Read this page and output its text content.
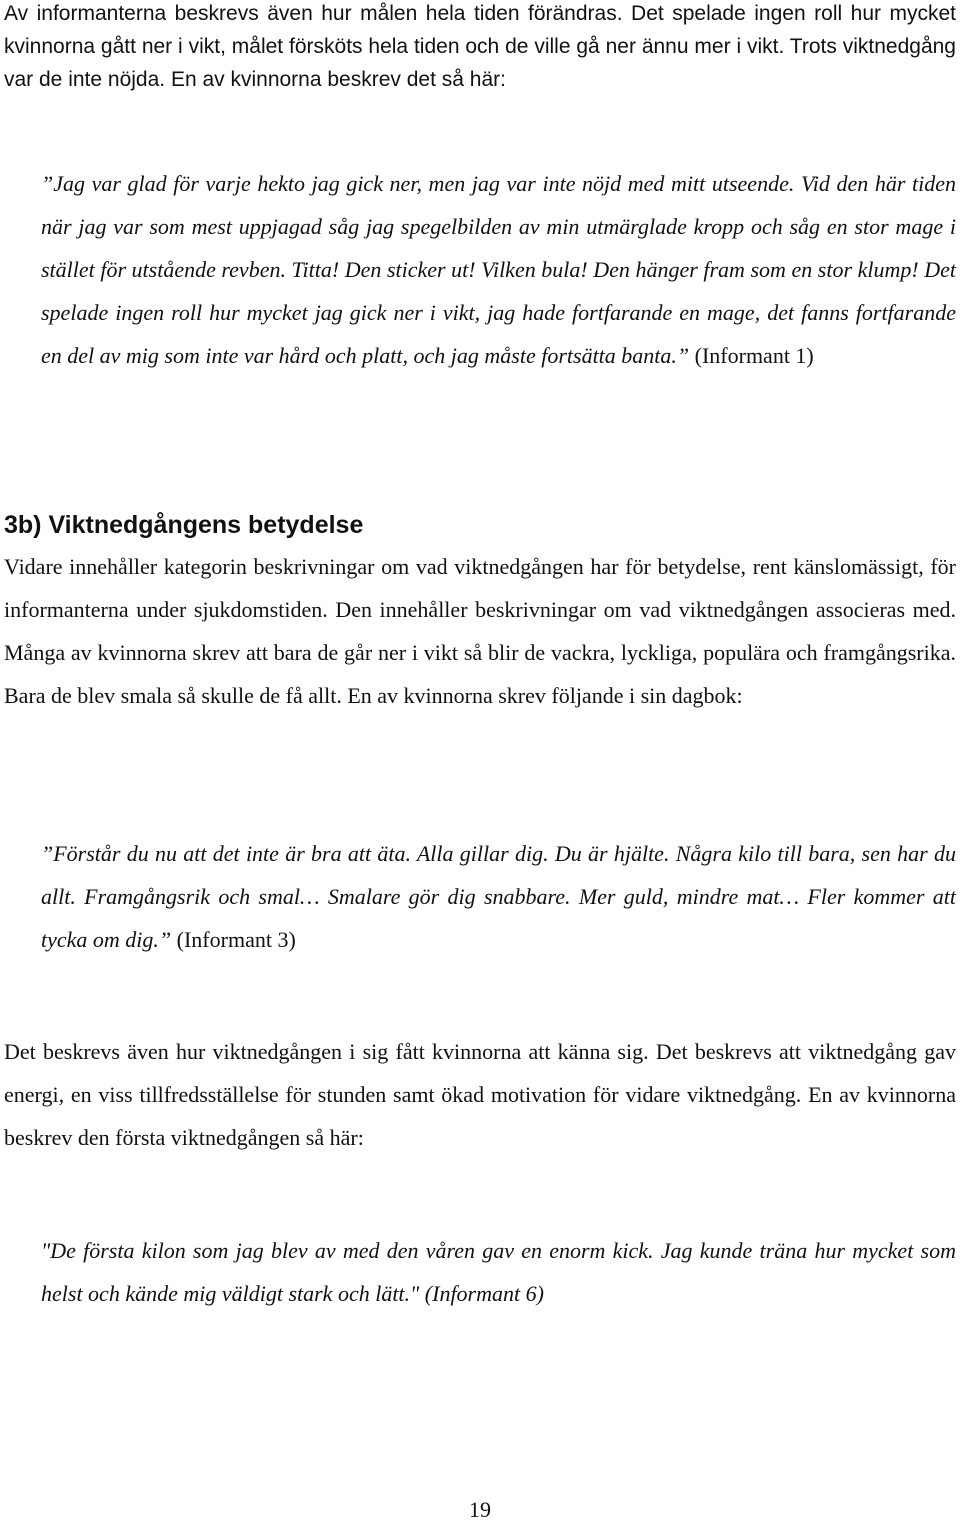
Av informanterna beskrevs även hur målen hela tiden förändras. Det spelade ingen roll hur mycket kvinnorna gått ner i vikt, målet försköts hela tiden och de ville gå ner ännu mer i vikt. Trots viktnedgång var de inte nöjda. En av kvinnorna beskrev det så här:

”Jag var glad för varje hekto jag gick ner, men jag var inte nöjd med mitt utseende. Vid den här tiden när jag var som mest uppjagad såg jag spegelbilden av min utmärglade kropp och såg en stor mage i stället för utstående revben. Titta! Den sticker ut! Vilken bula! Den hänger fram som en stor klump! Det spelade ingen roll hur mycket jag gick ner i vikt, jag hade fortfarande en mage, det fanns fortfarande en del av mig som inte var hård och platt, och jag måste fortsätta banta.” (Informant 1)

3b) Viktnedgångens betydelse

Vidare innehåller kategorin beskrivningar om vad viktnedgången har för betydelse, rent känslomässigt, för informanterna under sjukdomstiden. Den innehåller beskrivningar om vad viktnedgången associeras med. Många av kvinnorna skrev att bara de går ner i vikt så blir de vackra, lyckliga, populära och framgångsrika. Bara de blev smala så skulle de få allt. En av kvinnorna skrev följande i sin dagbok:

”Förstår du nu att det inte är bra att äta. Alla gillar dig. Du är hjälte. Några kilo till bara, sen har du allt. Framgångsrik och smal… Smalare gör dig snabbare. Mer guld, mindre mat… Fler kommer att tycka om dig.” (Informant 3)

Det beskrevs även hur viktnedgången i sig fått kvinnorna att känna sig. Det beskrevs att viktnedgång gav energi, en viss tillfredsställelse för stunden samt ökad motivation för vidare viktnedgång. En av kvinnorna beskrev den första viktnedgången så här:

"De första kilon som jag blev av med den våren gav en enorm kick. Jag kunde träna hur mycket som helst och kände mig väldigt stark och lätt." (Informant 6)

19
